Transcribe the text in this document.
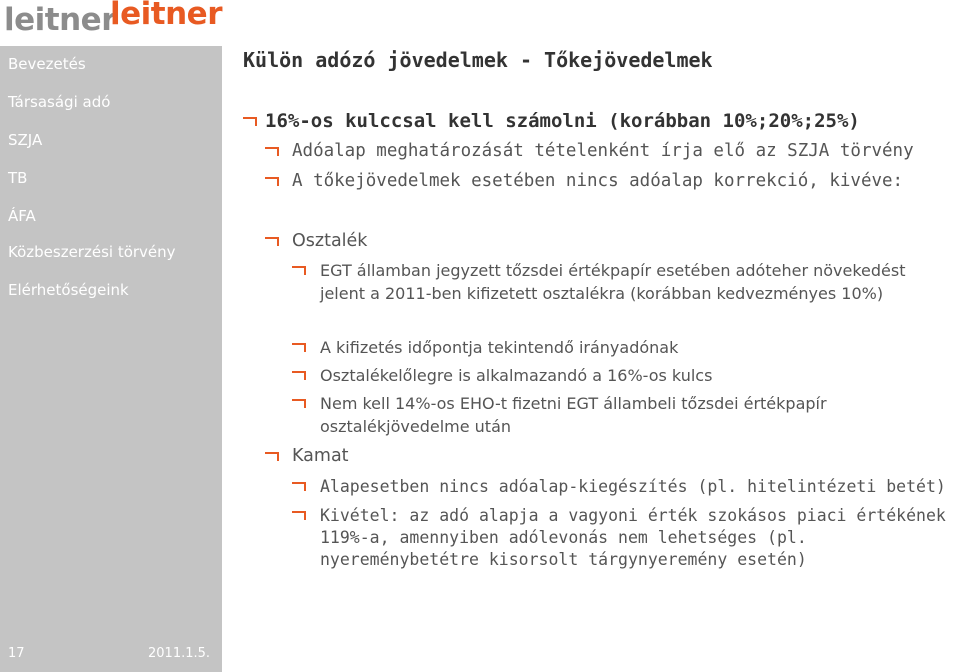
leitner
leitner
Bevezetés
Társasági adó
SZJA
TB
ÁFA
Közbeszerzési törvény
Elérhetőségeink
17	2011.1.5.
Külön adózó jövedelmek - Tőkejövedelmek
16%-os kulccsal kell számolni (korábban 10%;20%;25%)
Adóalap meghatározását tételenként írja elő az SZJA törvény
A tőkejövedelmek esetében nincs adóalap korrekció, kivéve:
Osztalék
EGT államban jegyzett tőzsdei értékpapír esetében adóteher növekedést jelent a 2011-ben kifizetett osztalékra (korábban kedvezményes 10%)
A kifizetés időpontja tekintendő irányadónak
Osztalékelőlegre is alkalmazandó a 16%-os kulcs
Nem kell 14%-os EHO-t fizetni EGT állambeli tőzsdei értékpapír osztalékjövedelme után
Kamat
Alapesetben nincs adóalap-kiegészítés (pl. hitelintézeti betét)
Kivétel: az adó alapja a vagyoni érték szokásos piaci értékének 119%-a, amennyiben adólevonás nem lehetséges (pl. nyereménybetétre kisorsolt tárgynyeremény esetén)
